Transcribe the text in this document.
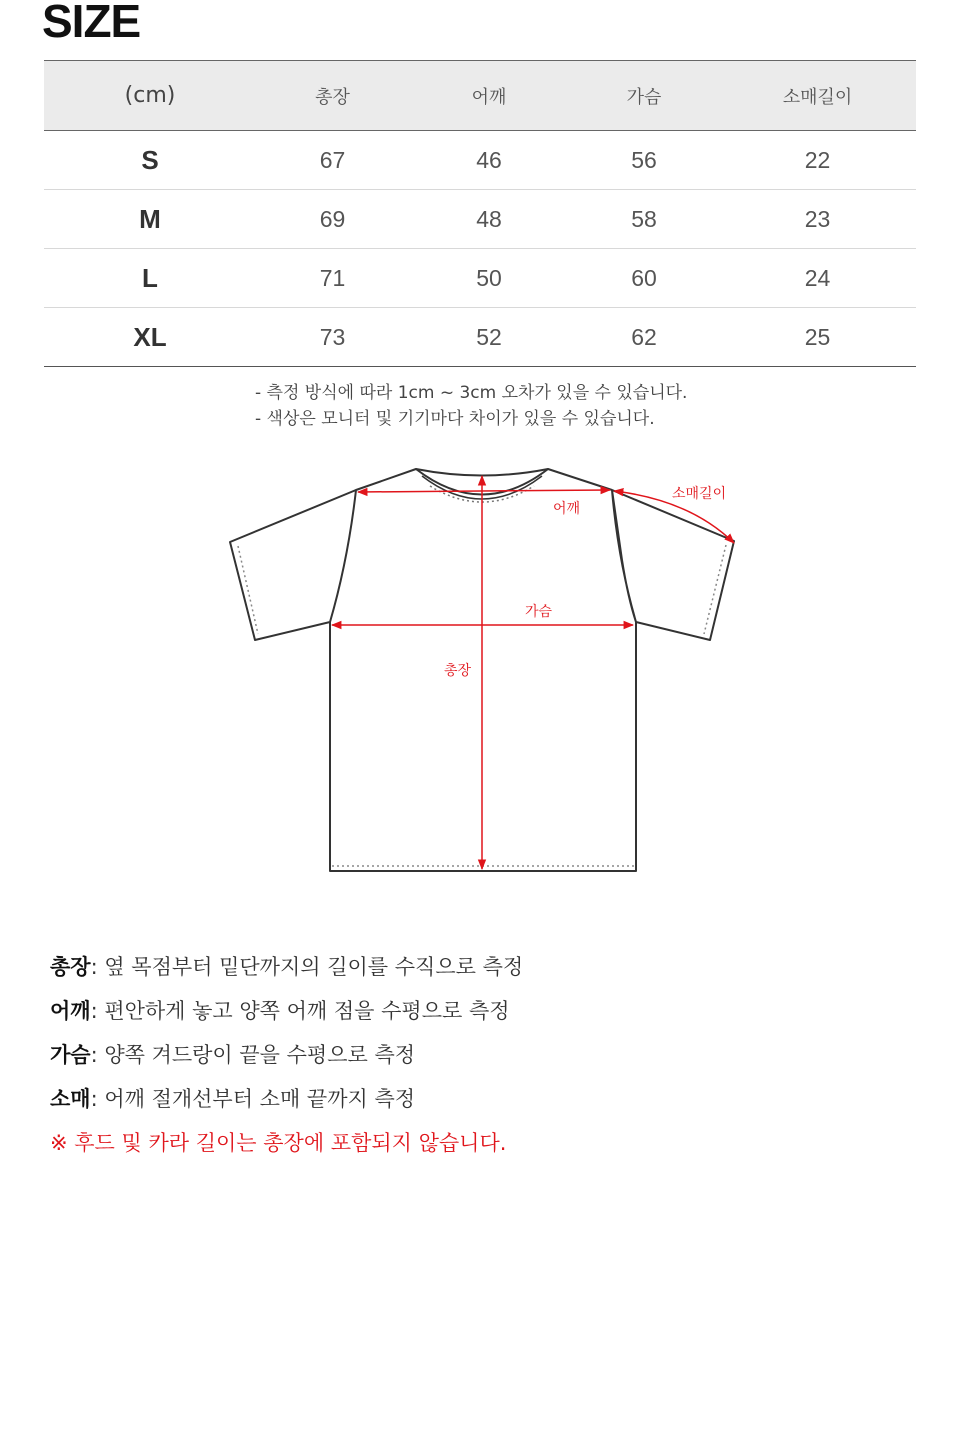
SIZE
(cm)	총장	어깨	가슴	소매길이
S	67	46	56	22
M	69	48	58	23
L	71	50	60	24
XL	73	52	62	25
- 측정 방식에 따라 1cm ~ 3cm 오차가 있을 수 있습니다.
- 색상은 모니터 및 기기마다 차이가 있을 수 있습니다.
어깨
소매길이
가슴
총장
총장: 옆 목점부터 밑단까지의 길이를 수직으로 측정
어깨: 편안하게 놓고 양쪽 어깨 점을 수평으로 측정
가슴: 양쪽 겨드랑이 끝을 수평으로 측정
소매: 어깨 절개선부터 소매 끝까지 측정
※ 후드 및 카라 길이는 총장에 포함되지 않습니다.
